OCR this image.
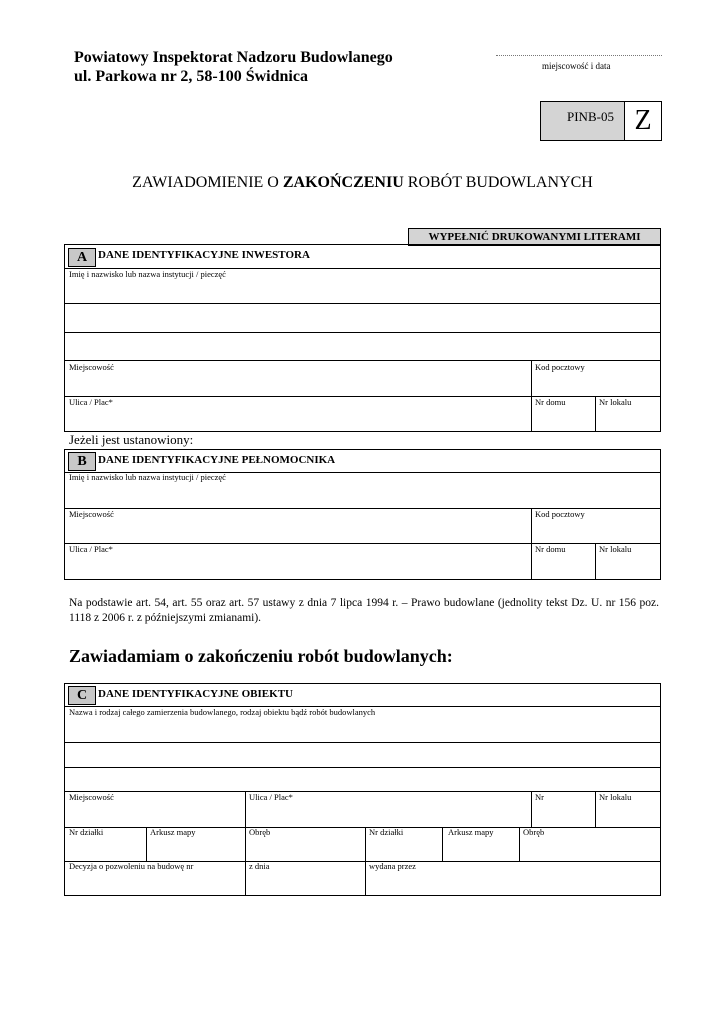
Powiatowy Inspektorat Nadzoru Budowlanego
ul. Parkowa nr 2, 58-100 Świdnica
miejscowość i data
PINB-05 Z
ZAWIADOMIENIE O ZAKOŃCZENIU ROBÓT BUDOWLANYCH
WYPEŁNIĆ DRUKOWANYMI LITERAMI
A DANE IDENTYFIKACYJNE INWESTORA
Imię i nazwisko lub nazwa instytucji / pieczęć
Miejscowość	Kod pocztowy
Ulica / Plac*	Nr domu	Nr lokalu
Jeżeli jest ustanowiony:
B	DANE IDENTYFIKACYJNE PEŁNOMOCNIKA
Imię i nazwisko lub nazwa instytucji / pieczęć
Miejscowość	Kod pocztowy
Ulica / Plac*	Nr domu	Nr lokalu
Na podstawie art. 54, art. 55 oraz art. 57 ustawy z dnia 7 lipca 1994 r. – Prawo budowlane (jednolity tekst Dz. U. nr 156 poz. 1118 z 2006 r. z późniejszymi zmianami).
Zawiadamiam o zakończeniu robót budowlanych:
C DANE IDENTYFIKACYJNE OBIEKTU
Nazwa i rodzaj całego zamierzenia budowlanego, rodzaj obiektu bądź robót budowlanych
Miejscowość	Ulica / Plac*	Nr	Nr lokalu
Nr działki	Arkusz mapy	Obręb	Nr działki	Arkusz mapy	Obręb
Decyzja o pozwoleniu na budowę nr	z dnia	wydana przez
